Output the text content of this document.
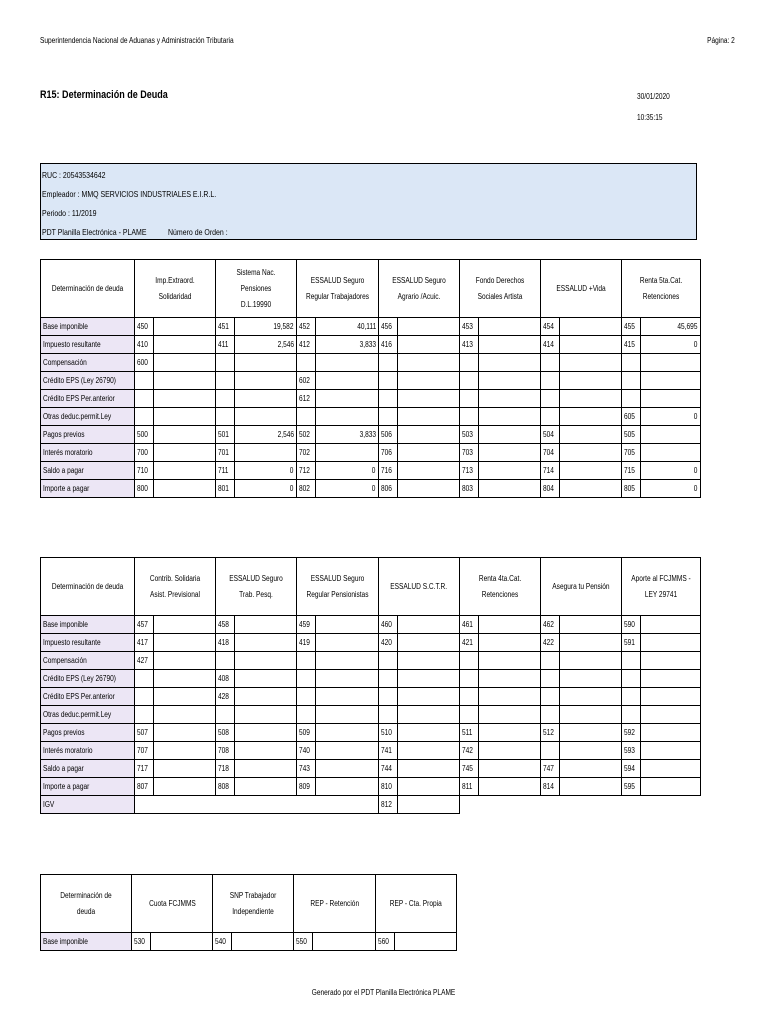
Superintendencia Nacional de Aduanas y Administración Tributaria	Página: 2
R15: Determinación de Deuda	30/01/2020
10:35:15
RUC : 20543534642
Empleador : MMQ SERVICIOS INDUSTRIALES E.I.R.L.
Periodo : 11/2019
PDT Planilla Electrónica - PLAME	Número de Orden :
Determinación de deuda	Imp.Extraord. Solidaridad		Sistema Nac. Pensiones D.L.19990		ESSALUD Seguro Regular Trabajadores		ESSALUD Seguro Agrario /Acuic.		Fondo Derechos Sociales Artista		ESSALUD +Vida		Renta 5ta.Cat. Retenciones	
Base imponible	450		451	19,582	452	40,111	456		453		454		455	45,695
Impuesto resultante	410		411	2,546	412	3,833	416		413		414		415	0
Compensación	600													
Crédito EPS (Ley 26790)					602									
Crédito EPS Per.anterior					612									
Otras deduc.permit.Ley													605	0
Pagos previos	500		501	2,546	502	3,833	506		503		504		505	
Interés moratorio	700		701		702		706		703		704		705	
Saldo a pagar	710		711	0	712	0	716		713		714		715	0
Importe a pagar	800		801	0	802	0	806		803		804		805	0
Determinación de deuda	Contrib. Solidaria Asist. Previsional		ESSALUD Seguro Trab. Pesq.		ESSALUD Seguro Regular Pensionistas		ESSALUD S.C.T.R.		Renta 4ta.Cat. Retenciones		Asegura tu Pensión		Aporte al FCJMMS - LEY 29741	
Base imponible	457		458		459		460		461		462		590	
Impuesto resultante	417		418		419		420		421		422		591	
Compensación	427													
Crédito EPS (Ley 26790)			408											
Crédito EPS Per.anterior			428											
Otras deduc.permit.Ley														
Pagos previos	507		508		509		510		511		512		592	
Interés moratorio	707		708		740		741		742				593	
Saldo a pagar	717		718		743		744		745		747		594	
Importe a pagar	807		808		809		810		811		814		595	
IGV							812							
Determinación de deuda	Cuota FCJMMS		SNP Trabajador Independiente		REP - Retención		REP - Cta. Propia	
Base imponible	530		540		550		560	
Generado por el PDT Planilla Electrónica PLAME
